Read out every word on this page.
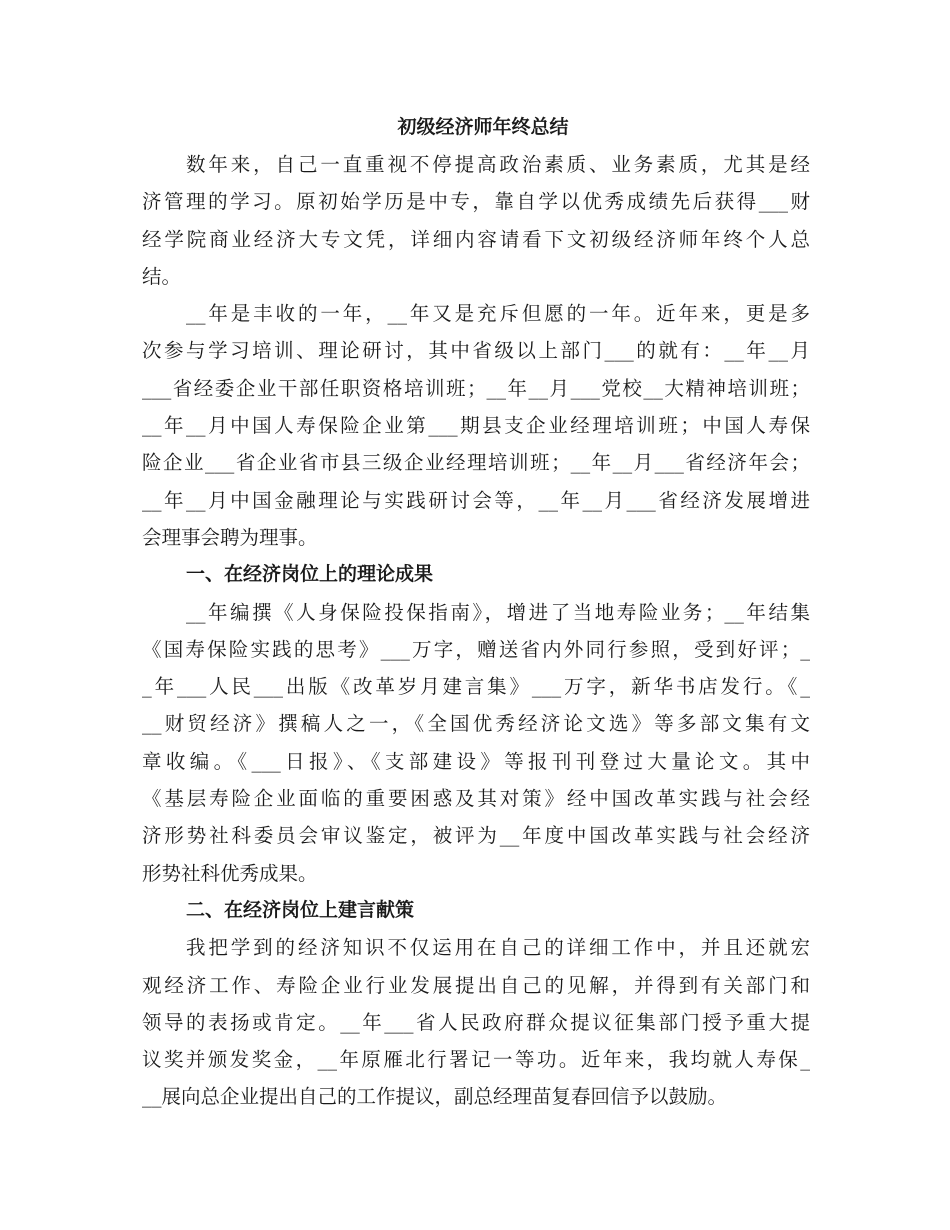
初级经济师年终总结
数年来，自己一直重视不停提高政治素质、业务素质，尤其是经
济管理的学习。原初始学历是中专，靠自学以优秀成绩先后获得___财
经学院商业经济大专文凭，详细内容请看下文初级经济师年终个人总
结。
__年是丰收的一年，__年又是充斥但愿的一年。近年来，更是多
次参与学习培训、理论研讨，其中省级以上部门___的就有：__年__月
___省经委企业干部任职资格培训班；__年__月___党校__大精神培训班；
__年__月中国人寿保险企业第___期县支企业经理培训班；中国人寿保
险企业___省企业省市县三级企业经理培训班；__年__月___省经济年会；
__年__月中国金融理论与实践研讨会等，__年__月___省经济发展增进
会理事会聘为理事。
一、在经济岗位上的理论成果
__年编撰《人身保险投保指南》，增进了当地寿险业务；__年结集
《国寿保险实践的思考》___万字，赠送省内外同行参照，受到好评；_
_年___人民___出版《改革岁月建言集》___万字，新华书店发行。《_
__财贸经济》撰稿人之一，《全国优秀经济论文选》等多部文集有文
章收编。《___日报》、《支部建设》等报刊刊登过大量论文。其中
《基层寿险企业面临的重要困惑及其对策》经中国改革实践与社会经
济形势社科委员会审议鉴定，被评为__年度中国改革实践与社会经济
形势社科优秀成果。
二、在经济岗位上建言献策
我把学到的经济知识不仅运用在自己的详细工作中，并且还就宏
观经济工作、寿险企业行业发展提出自己的见解，并得到有关部门和
领导的表扬或肯定。__年___省人民政府群众提议征集部门授予重大提
议奖并颁发奖金，__年原雁北行署记一等功。近年来，我均就人寿保_
__展向总企业提出自己的工作提议，副总经理苗复春回信予以鼓励。
